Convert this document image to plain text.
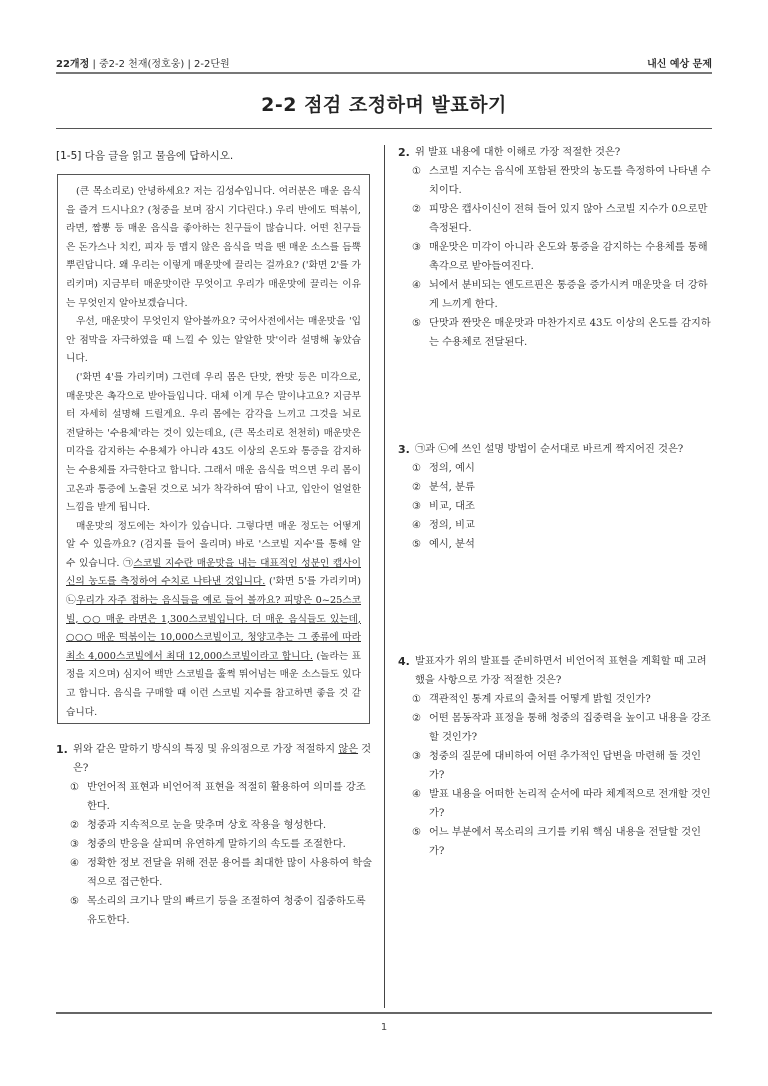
22개정 | 중2-2 천재(정호웅) | 2-2단원	내신 예상 문제
2-2 점검 조정하며 발표하기
[1-5] 다음 글을 읽고 물음에 답하시오.

(큰 목소리로) 안녕하세요? 저는 김성수입니다. 여러분은 매운 음식을 즐겨 드시나요? (청중을 보며 잠시 기다린다.) 우리 반에도 떡볶이, 라면, 짬뽕 등 매운 음식을 좋아하는 친구들이 많습니다. 어떤 친구들은 돈가스나 치킨, 피자 등 맵지 않은 음식을 먹을 땐 매운 소스를 듬뿍 뿌린답니다. 왜 우리는 이렇게 매운맛에 끌리는 걸까요? ('화면 2'를 가리키며) 지금부터 매운맛이란 무엇이고 우리가 매운맛에 끌리는 이유는 무엇인지 알아보겠습니다.

우선, 매운맛이 무엇인지 알아볼까요? 국어사전에서는 매운맛을 '입안 점막을 자극하였을 때 느낄 수 있는 알알한 맛'이라 설명해 놓았습니다.

('화면 4'를 가리키며) 그런데 우리 몸은 단맛, 짠맛 등은 미각으로, 매운맛은 촉각으로 받아들입니다. 대체 이게 무슨 말이냐고요? 지금부터 자세히 설명해 드릴게요. 우리 몸에는 감각을 느끼고 그것을 뇌로 전달하는 '수용체'라는 것이 있는데요, (큰 목소리로 천천히) 매운맛은 미각을 감지하는 수용체가 아니라 43도 이상의 온도와 통증을 감지하는 수용체를 자극한다고 합니다. 그래서 매운 음식을 먹으면 우리 몸이 고온과 통증에 노출된 것으로 뇌가 착각하여 땀이 나고, 입안이 얼얼한 느낌을 받게 됩니다.

매운맛의 정도에는 차이가 있습니다. 그렇다면 매운 정도는 어떻게 알 수 있을까요? (검지를 들어 올리며) 바로 '스코빌 지수'를 통해 알 수 있습니다. ㉠스코빌 지수란 매운맛을 내는 대표적인 성분인 캡사이신의 농도를 측정하여 수치로 나타낸 것입니다. ('화면 5'를 가리키며) ㉡우리가 자주 접하는 음식들을 예로 들어 볼까요? 피망은 0~25스코빌, ○○ 매운 라면은 1,300스코빌입니다. 더 매운 음식들도 있는데, ○○○ 매운 떡볶이는 10,000스코빌이고, 청양고추는 그 종류에 따라 최소 4,000스코빌에서 최대 12,000스코빌이라고 합니다. (놀라는 표정을 지으며) 심지어 백만 스코빌을 훌쩍 뛰어넘는 매운 소스들도 있다고 합니다. 음식을 구매할 때 이런 스코빌 지수를 참고하면 좋을 것 같습니다.

1. 위와 같은 말하기 방식의 특징 및 유의점으로 가장 적절하지 않은 것은?
① 반언어적 표현과 비언어적 표현을 적절히 활용하여 의미를 강조한다.
② 청중과 지속적으로 눈을 맞추며 상호 작용을 형성한다.
③ 청중의 반응을 살피며 유연하게 말하기의 속도를 조절한다.
④ 정확한 정보 전달을 위해 전문 용어를 최대한 많이 사용하여 학술적으로 접근한다.
⑤ 목소리의 크기나 말의 빠르기 등을 조절하여 청중이 집중하도록 유도한다.
2. 위 발표 내용에 대한 이해로 가장 적절한 것은?
① 스코빌 지수는 음식에 포함된 짠맛의 농도를 측정하여 나타낸 수치이다.
② 피망은 캡사이신이 전혀 들어 있지 않아 스코빌 지수가 0으로만 측정된다.
③ 매운맛은 미각이 아니라 온도와 통증을 감지하는 수용체를 통해 촉각으로 받아들여진다.
④ 뇌에서 분비되는 엔도르핀은 통증을 증가시켜 매운맛을 더 강하게 느끼게 한다.
⑤ 단맛과 짠맛은 매운맛과 마찬가지로 43도 이상의 온도를 감지하는 수용체로 전달된다.
3. ㉠과 ㉡에 쓰인 설명 방법이 순서대로 바르게 짝지어진 것은?
① 정의, 예시
② 분석, 분류
③ 비교, 대조
④ 정의, 비교
⑤ 예시, 분석
4. 발표자가 위의 발표를 준비하면서 비언어적 표현을 계획할 때 고려했을 사항으로 가장 적절한 것은?
① 객관적인 통계 자료의 출처를 어떻게 밝힐 것인가?
② 어떤 몸동작과 표정을 통해 청중의 집중력을 높이고 내용을 강조할 것인가?
③ 청중의 질문에 대비하여 어떤 추가적인 답변을 마련해 둘 것인가?
④ 발표 내용을 어떠한 논리적 순서에 따라 체계적으로 전개할 것인가?
⑤ 어느 부분에서 목소리의 크기를 키워 핵심 내용을 전달할 것인가?
1
